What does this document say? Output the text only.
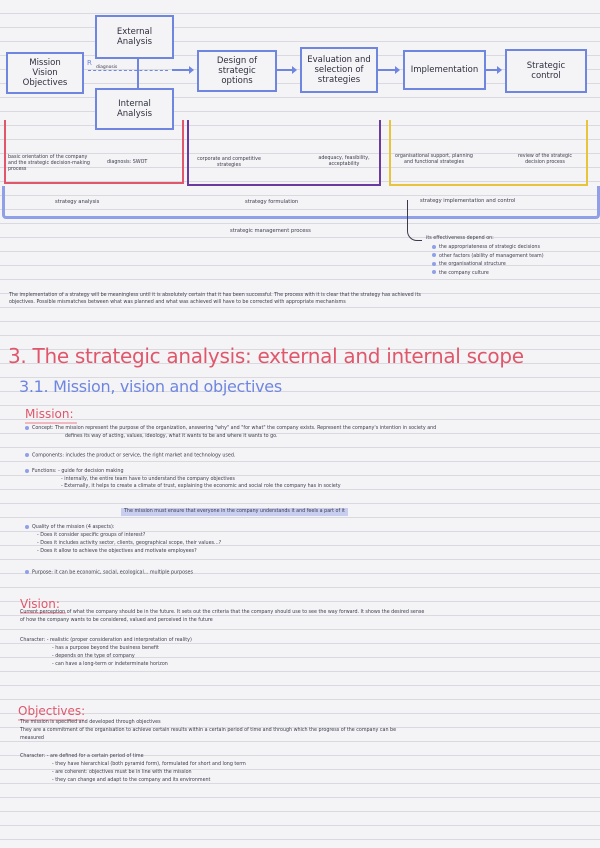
Mission Vision Objectives
External Analysis
Internal Analysis
Design of strategic options
Evaluation and selection of strategies
Implementation	Strategic control
diagnosis
R
basic orientation of the company and the strategic decision-making process
diagnosis: SWOT
corporate and competitive strategies
adequacy, feasibility, acceptability
organisational support, planning and functional strategies
review of the strategic decision process
strategy analysis	strategy formulation	strategy implementation and control
strategic management process
its effectiveness depend on:
the appropriateness of strategic decisions
other factors (ability of management team)
the organisational structure
the company culture
The implementation of a strategy will be meaningless until it is absolutely certain that it has been successful. The process with it is clear that the strategy has achieved its
objectives. Possible mismatches between what was planned and what was achieved will have to be corrected with appropriate mechanisms
3. The strategic analysis: external and internal scope
3.1. Mission, vision and objectives
Mission:
Concept: The mission represent the purpose of the organization, answering "why" and "for what" the company exists. Represent the company's intention in society and
defines its way of acting, values, ideology, what it wants to be and where it wants to go.
Components: includes the product or service, the right market and technology used.
Functions: - guide for decision making
- internally, the entire team have to understand the company objectives
- Externally, it helps to create a climate of trust, explaining the economic and social role the company has in society
The mission must ensure that everyone in the company understands it and feels a part of it
Quality of the mission (4 aspects):
- Does it consider specific groups of interest?
- Does it includes activity sector, clients, geographical scope, their values...?
- Does it allow to achieve the objectives and motivate employees?
Purpose: it can be economic, social, ecological... multiple purposes
Vision:
Current perception of what the company should be in the future. It sets out the criteria that the company should use to see the way forward. It shows the desired sense
of how the company wants to be considered, valued and perceived in the future
Character: - realistic (proper consideration and interpretation of reality)
- has a purpose beyond the business benefit
- depends on the type of company
- can have a long-term or indeterminate horizon
Objectives:
The mission is specified and developed through objectives
They are a commitment of the organisation to achieve certain results within a certain period of time and through which the progress of the company can be
measured
Character: - are defined for a certain period of time
- they have hierarchical (both pyramid form), formulated for short and long term
- are coherent: objectives must be in line with the mission
- they can change and adapt to the company and its environment
